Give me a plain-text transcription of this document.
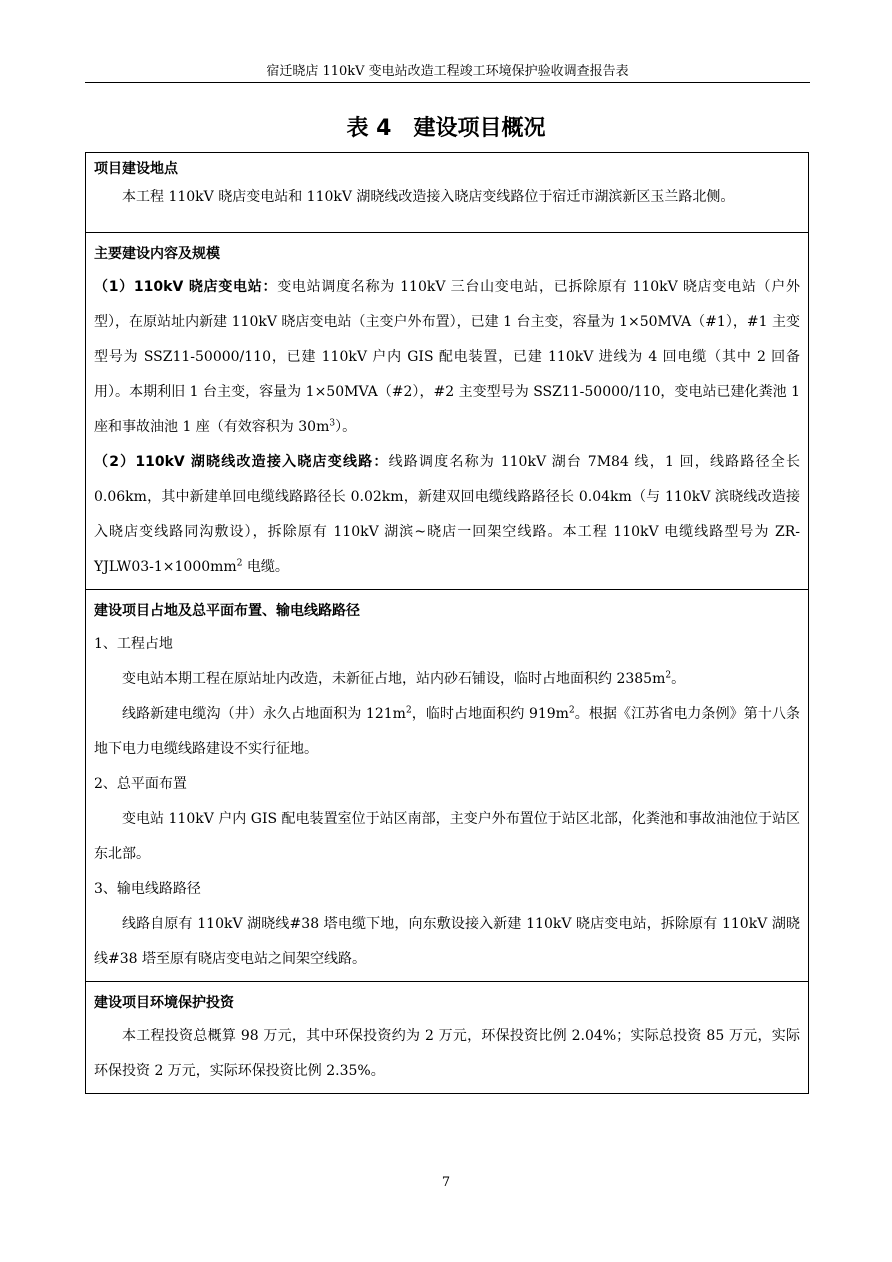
宿迁晓店 110kV 变电站改造工程竣工环境保护验收调查报告表
表 4　建设项目概况
项目建设地点

本工程 110kV 晓店变电站和 110kV 湖晓线改造接入晓店变线路位于宿迁市湖滨新区玉兰路北侧。

主要建设内容及规模

（1）110kV 晓店变电站：变电站调度名称为 110kV 三台山变电站，已拆除原有 110kV 晓店变电站（户外型），在原站址内新建 110kV 晓店变电站（主变户外布置），已建 1 台主变，容量为 1×50MVA（#1），#1 主变型号为 SSZ11-50000/110，已建 110kV 户内 GIS 配电装置，已建 110kV 进线为 4 回电缆（其中 2 回备用）。本期利旧 1 台主变，容量为 1×50MVA（#2），#2 主变型号为 SSZ11-50000/110，变电站已建化粪池 1 座和事故油池 1 座（有效容积为 $30m^3$）。

（2）110kV 湖晓线改造接入晓店变线路：线路调度名称为 110kV 湖台 7M84 线，1 回，线路路径全长 0.06km，其中新建单回电缆线路路径长 0.02km，新建双回电缆线路路径长 0.04km（与 110kV 滨晓线改造接入晓店变线路同沟敷设），拆除原有 110kV 湖滨~晓店一回架空线路。本工程 110kV 电缆线路型号为 $ZR-YJLW03-1\times 1000mm^2$ 电缆。

建设项目占地及总平面布置、输电线路路径

1、工程占地

变电站本期工程在原站址内改造，未新征占地，站内砂石铺设，临时占地面积约 $2385m^2$。

线路新建电缆沟（井）永久占地面积为 $121m^2$，临时占地面积约 $919m^2$。根据《江苏省电力条例》第十八条　地下电力电缆线路建设不实行征地。

2、总平面布置

变电站 110kV 户内 GIS 配电装置室位于站区南部，主变户外布置位于站区北部，化粪池和事故油池位于站区东北部。

3、输电线路路径

线路自原有 110kV 湖晓线#38 塔电缆下地，向东敷设接入新建 110kV 晓店变电站，拆除原有 110kV 湖晓线#38 塔至原有晓店变电站之间架空线路。

建设项目环境保护投资

本工程投资总概算 98 万元，其中环保投资约为 2 万元，环保投资比例 2.04%；实际总投资 85 万元，实际环保投资 2 万元，实际环保投资比例 2.35%。

7
